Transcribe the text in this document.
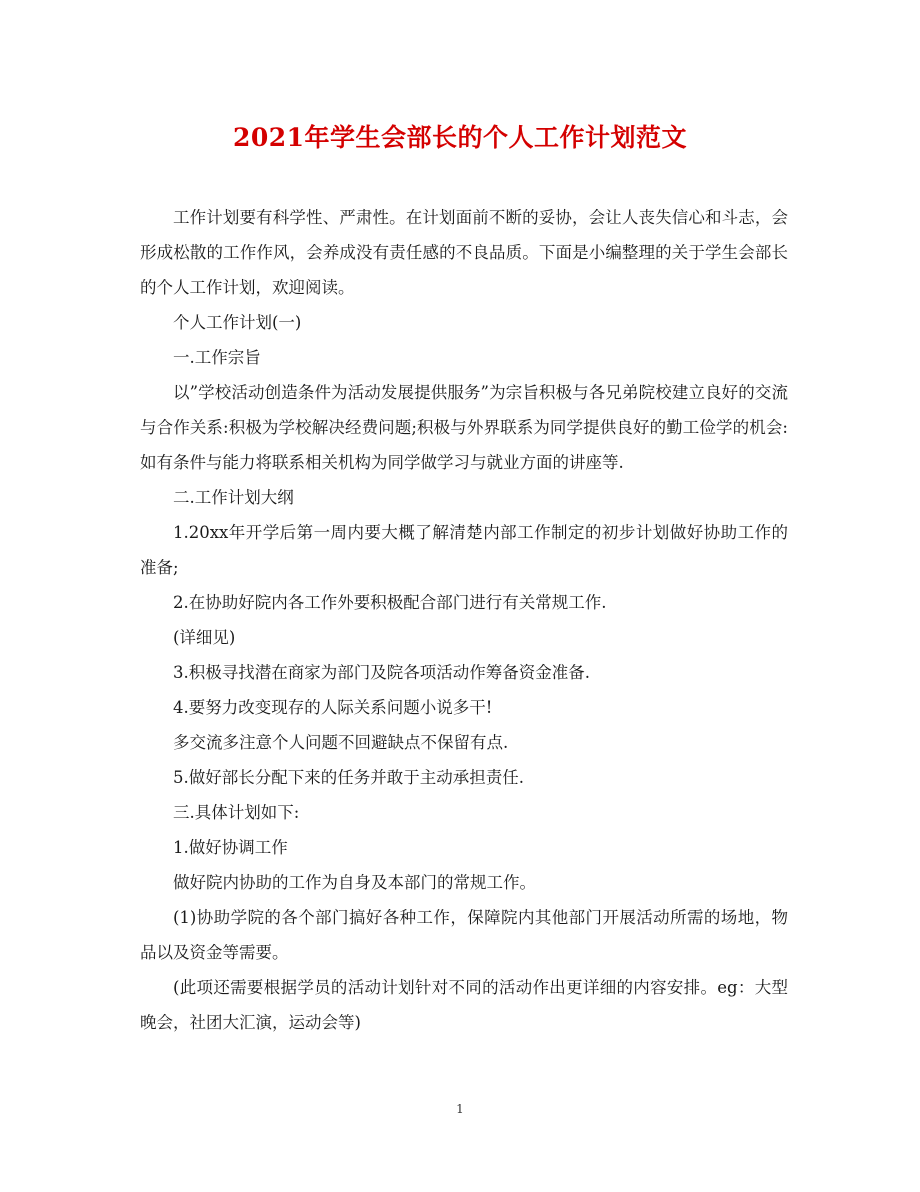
2021年学生会部长的个人工作计划范文

工作计划要有科学性、严肃性。在计划面前不断的妥协，会让人丧失信心和斗志，会形成松散的工作作风，会养成没有责任感的不良品质。下面是小编整理的关于学生会部长的个人工作计划，欢迎阅读。

个人工作计划(一)

一.工作宗旨

以”学校活动创造条件为活动发展提供服务”为宗旨积极与各兄弟院校建立良好的交流与合作关系:积极为学校解决经费问题;积极与外界联系为同学提供良好的勤工俭学的机会:如有条件与能力将联系相关机构为同学做学习与就业方面的讲座等.

二.工作计划大纲

1.20xx年开学后第一周内要大概了解清楚内部工作制定的初步计划做好协助工作的准备;

2.在协助好院内各工作外要积极配合部门进行有关常规工作.

(详细见)

3.积极寻找潜在商家为部门及院各项活动作筹备资金准备.

4.要努力改变现存的人际关系问题小说多干!

多交流多注意个人问题不回避缺点不保留有点.

5.做好部长分配下来的任务并敢于主动承担责任.

三.具体计划如下:

1.做好协调工作

做好院内协助的工作为自身及本部门的常规工作。

(1)协助学院的各个部门搞好各种工作，保障院内其他部门开展活动所需的场地，物品以及资金等需要。

(此项还需要根据学员的活动计划针对不同的活动作出更详细的内容安排。eg：大型晚会，社团大汇演，运动会等)

1
